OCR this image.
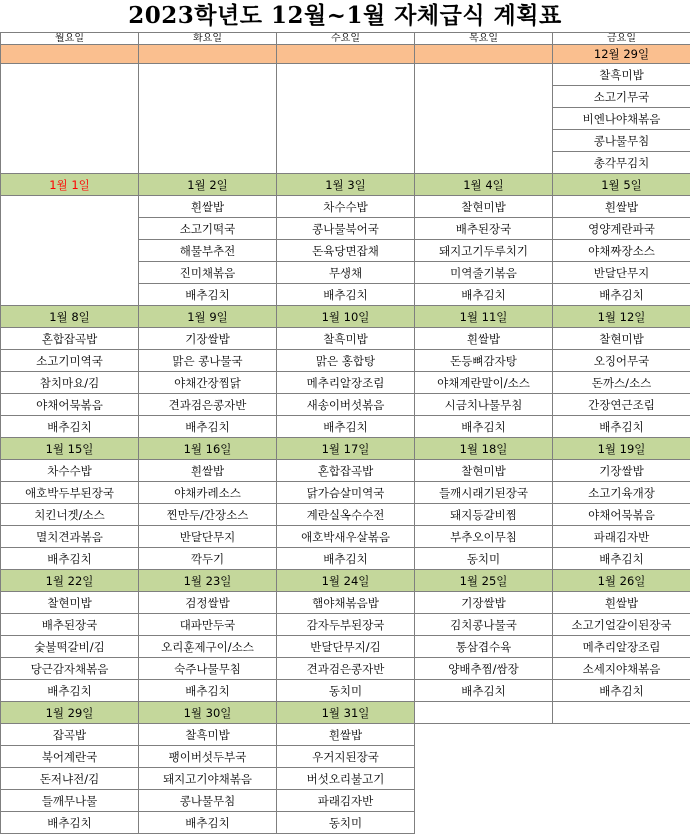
2023학년도 12월~1월 자체급식 계획표
월요일	화요일	수요일	목요일	금요일
				12월 29일
				찰흑미밥
				소고기무국
				비엔나야채볶음
				콩나물무침
				총각무김치
1월 1일	1월 2일	1월 3일	1월 4일	1월 5일
	흰쌀밥	차수수밥	찰현미밥	흰쌀밥
	소고기떡국	콩나물북어국	배추된장국	영양계란파국
	해물부추전	돈육당면잡채	돼지고기두루치기	야채짜장소스
	진미채볶음	무생채	미역줄기볶음	반달단무지
	배추김치	배추김치	배추김치	배추김치
1월 8일	1월 9일	1월 10일	1월 11일	1월 12일
혼합잡곡밥	기장쌀밥	찰흑미밥	흰쌀밥	찰현미밥
소고기미역국	맑은 콩나물국	맑은 홍합탕	돈등뼈감자탕	오징어무국
참치마요/김	야채간장찜닭	메추리알장조림	야채계란말이/소스	돈까스/소스
야채어묵볶음	견과검은콩자반	새송이버섯볶음	시금치나물무침	간장연근조림
배추김치	배추김치	배추김치	배추김치	배추김치
1월 15일	1월 16일	1월 17일	1월 18일	1월 19일
차수수밥	흰쌀밥	혼합잡곡밥	찰현미밥	기장쌀밥
애호박두부된장국	야채카레소스	닭가슴살미역국	들깨시래기된장국	소고기육개장
치킨너겟/소스	찐만두/간장소스	계란실옥수수전	돼지등갈비찜	야채어묵볶음
멸치견과볶음	반달단무지	애호박새우살볶음	부추오이무침	파래김자반
배추김치	깍두기	배추김치	동치미	배추김치
1월 22일	1월 23일	1월 24일	1월 25일	1월 26일
찰현미밥	검정쌀밥	햄야채볶음밥	기장쌀밥	흰쌀밥
배추된장국	대파만두국	감자두부된장국	김치콩나물국	소고기얼갈이된장국
숯불떡갈비/김	오리훈제구이/소스	반달단무지/김	통삼겹수육	메추리알장조림
당근감자채볶음	숙주나물무침	견과검은콩자반	양배추찜/쌈장	소세지야채볶음
배추김치	배추김치	동치미	배추김치	배추김치
1월 29일	1월 30일	1월 31일		
잡곡밥	찰흑미밥	흰쌀밥		
북어계란국	팽이버섯두부국	우거지된장국		
돈저냐전/김	돼지고기야채볶음	버섯오리불고기		
들깨무나물	콩나물무침	파래김자반		
배추김치	배추김치	동치미		
